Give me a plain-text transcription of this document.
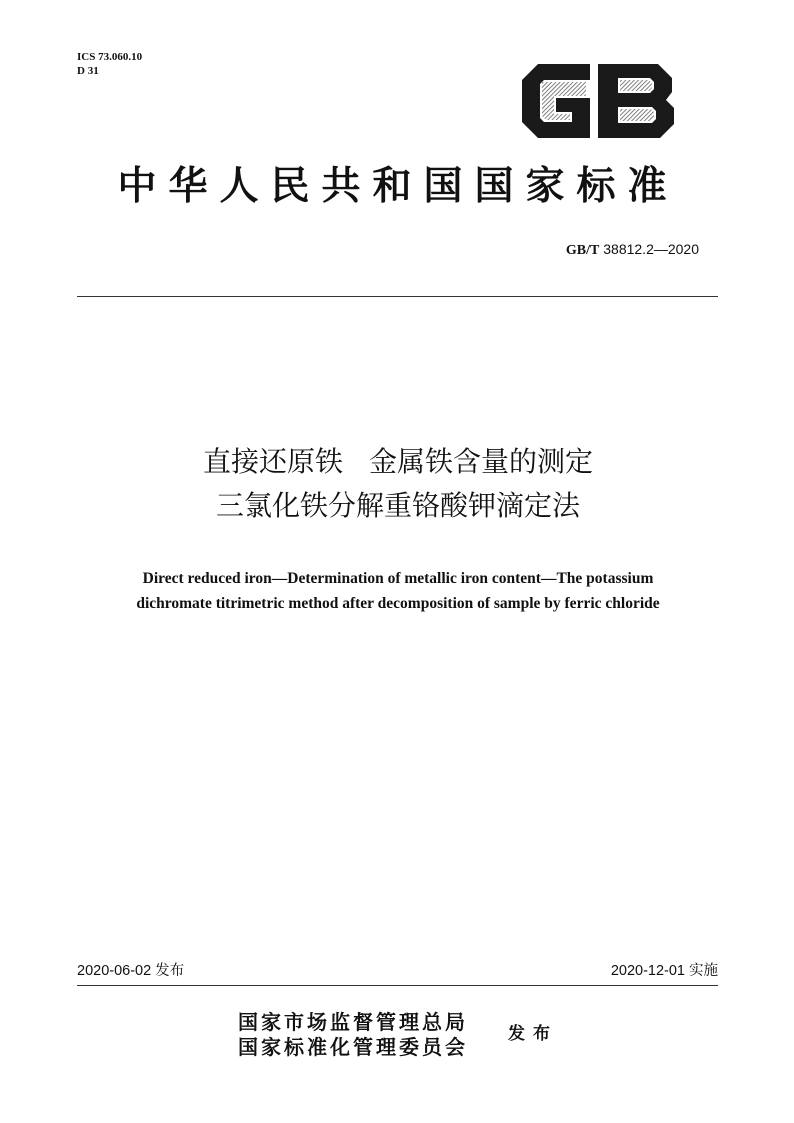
ICS 73.060.10
D 31
中华人民共和国国家标准
GB/T 38812.2—2020
直接还原铁 金属铁含量的测定
三氯化铁分解重铬酸钾滴定法
Direct reduced iron—Determination of metallic iron content—The potassium
dichromate titrimetric method after decomposition of sample by ferric chloride
2020-06-02 发布	2020-12-01 实施
国家市场监督管理总局
国家标准化管理委员会
发布
